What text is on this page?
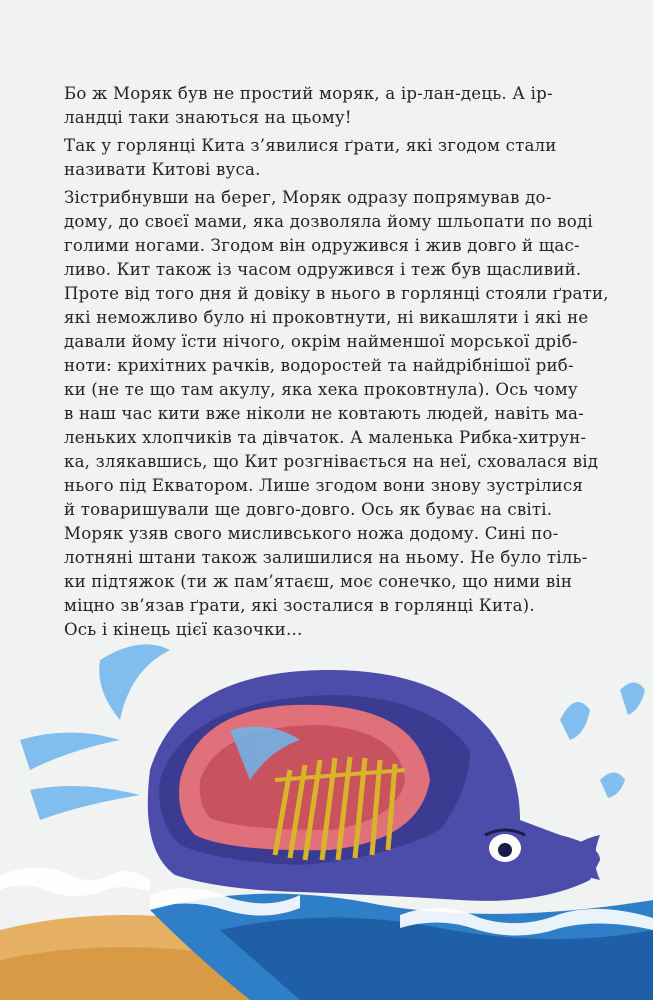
Бо ж Моряк був не простий моряк, а ір-лан-дець. А ір-
ландці таки знаються на цьому!
Так у горлянці Кита з’явилися ґрати, які згодом стали
називати Китові вуса.
Зістрибнувши на берег, Моряк одразу попрямував до-
дому, до своєї мами, яка дозволяла йому шльопати по воді
голими ногами. Згодом він одружився і жив довго й щас-
ливо. Кит також із часом одружився і теж був щасливий.
Проте від того дня й довіку в нього в горлянці стояли ґрати,
які неможливо було ні проковтнути, ні викашляти і які не
давали йому їсти нічого, окрім найменшої морської дріб-
ноти: крихітних рачків, водоростей та найдрібнішої риб-
ки (не те що там акулу, яка хека проковтнула). Ось чому
в наш час кити вже ніколи не ковтають людей, навіть ма-
леньких хлопчиків та дівчаток. А маленька Рибка-хитрун-
ка, злякавшись, що Кит розгнівається на неї, сховалася від
нього під Екватором. Лише згодом вони знову зустрілися
й товаришували ще довго-довго. Ось як буває на світі.
Моряк узяв свого мисливського ножа додому. Сині по-
лотняні штани також залишилися на ньому. Не було тіль-
ки підтяжок (ти ж пам’ятаєш, моє сонечко, що ними він
міцно зв’язав ґрати, які зосталися в горлянці Кита).
Ось і кінець цієї казочки…
